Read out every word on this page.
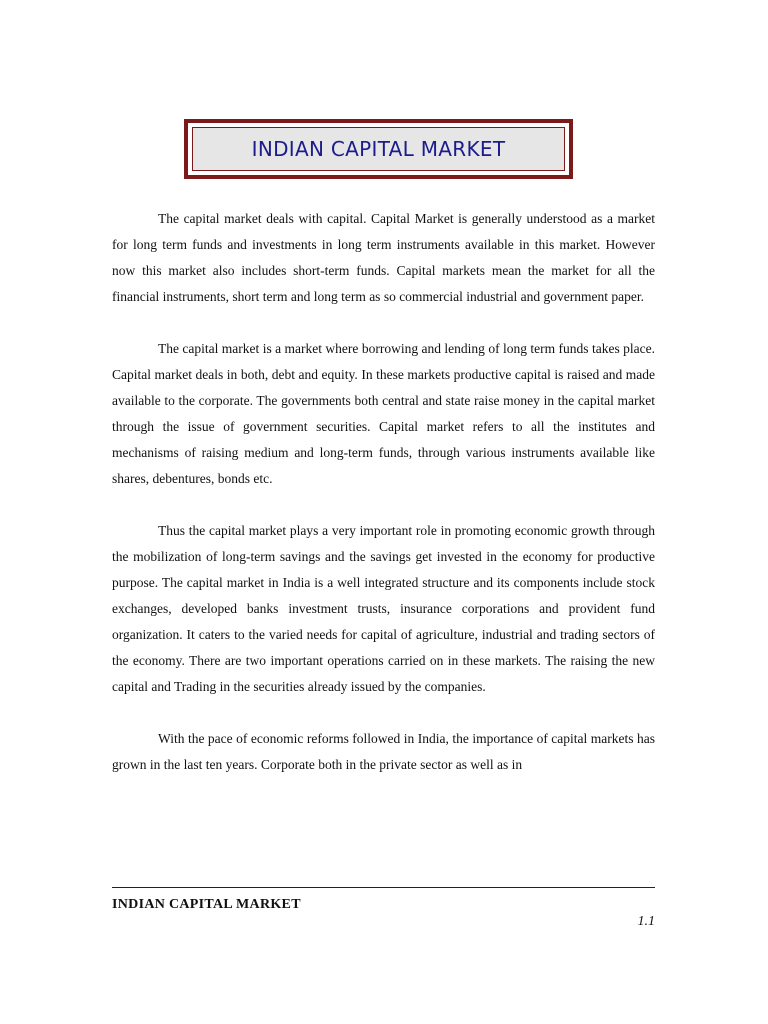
INDIAN CAPITAL MARKET

The capital market deals with capital. Capital Market is generally understood as a market for long term funds and investments in long term instruments available in this market. However now this market also includes short-term funds. Capital markets mean the market for all the financial instruments, short term and long term as so commercial industrial and government paper.

The capital market is a market where borrowing and lending of long term funds takes place. Capital market deals in both, debt and equity. In these markets productive capital is raised and made available to the corporate. The governments both central and state raise money in the capital market through the issue of government securities. Capital market refers to all the institutes and mechanisms of raising medium and long-term funds, through various instruments available like shares, debentures, bonds etc.

Thus the capital market plays a very important role in promoting economic growth through the mobilization of long-term savings and the savings get invested in the economy for productive purpose. The capital market in India is a well integrated structure and its components include stock exchanges, developed banks investment trusts, insurance corporations and provident fund organization. It caters to the varied needs for capital of agriculture, industrial and trading sectors of the economy. There are two important operations carried on in these markets. The raising the new capital and Trading in the securities already issued by the companies.

With the pace of economic reforms followed in India, the importance of capital markets has grown in the last ten years. Corporate both in the private sector as well as in

INDIAN CAPITAL MARKET
1.1
